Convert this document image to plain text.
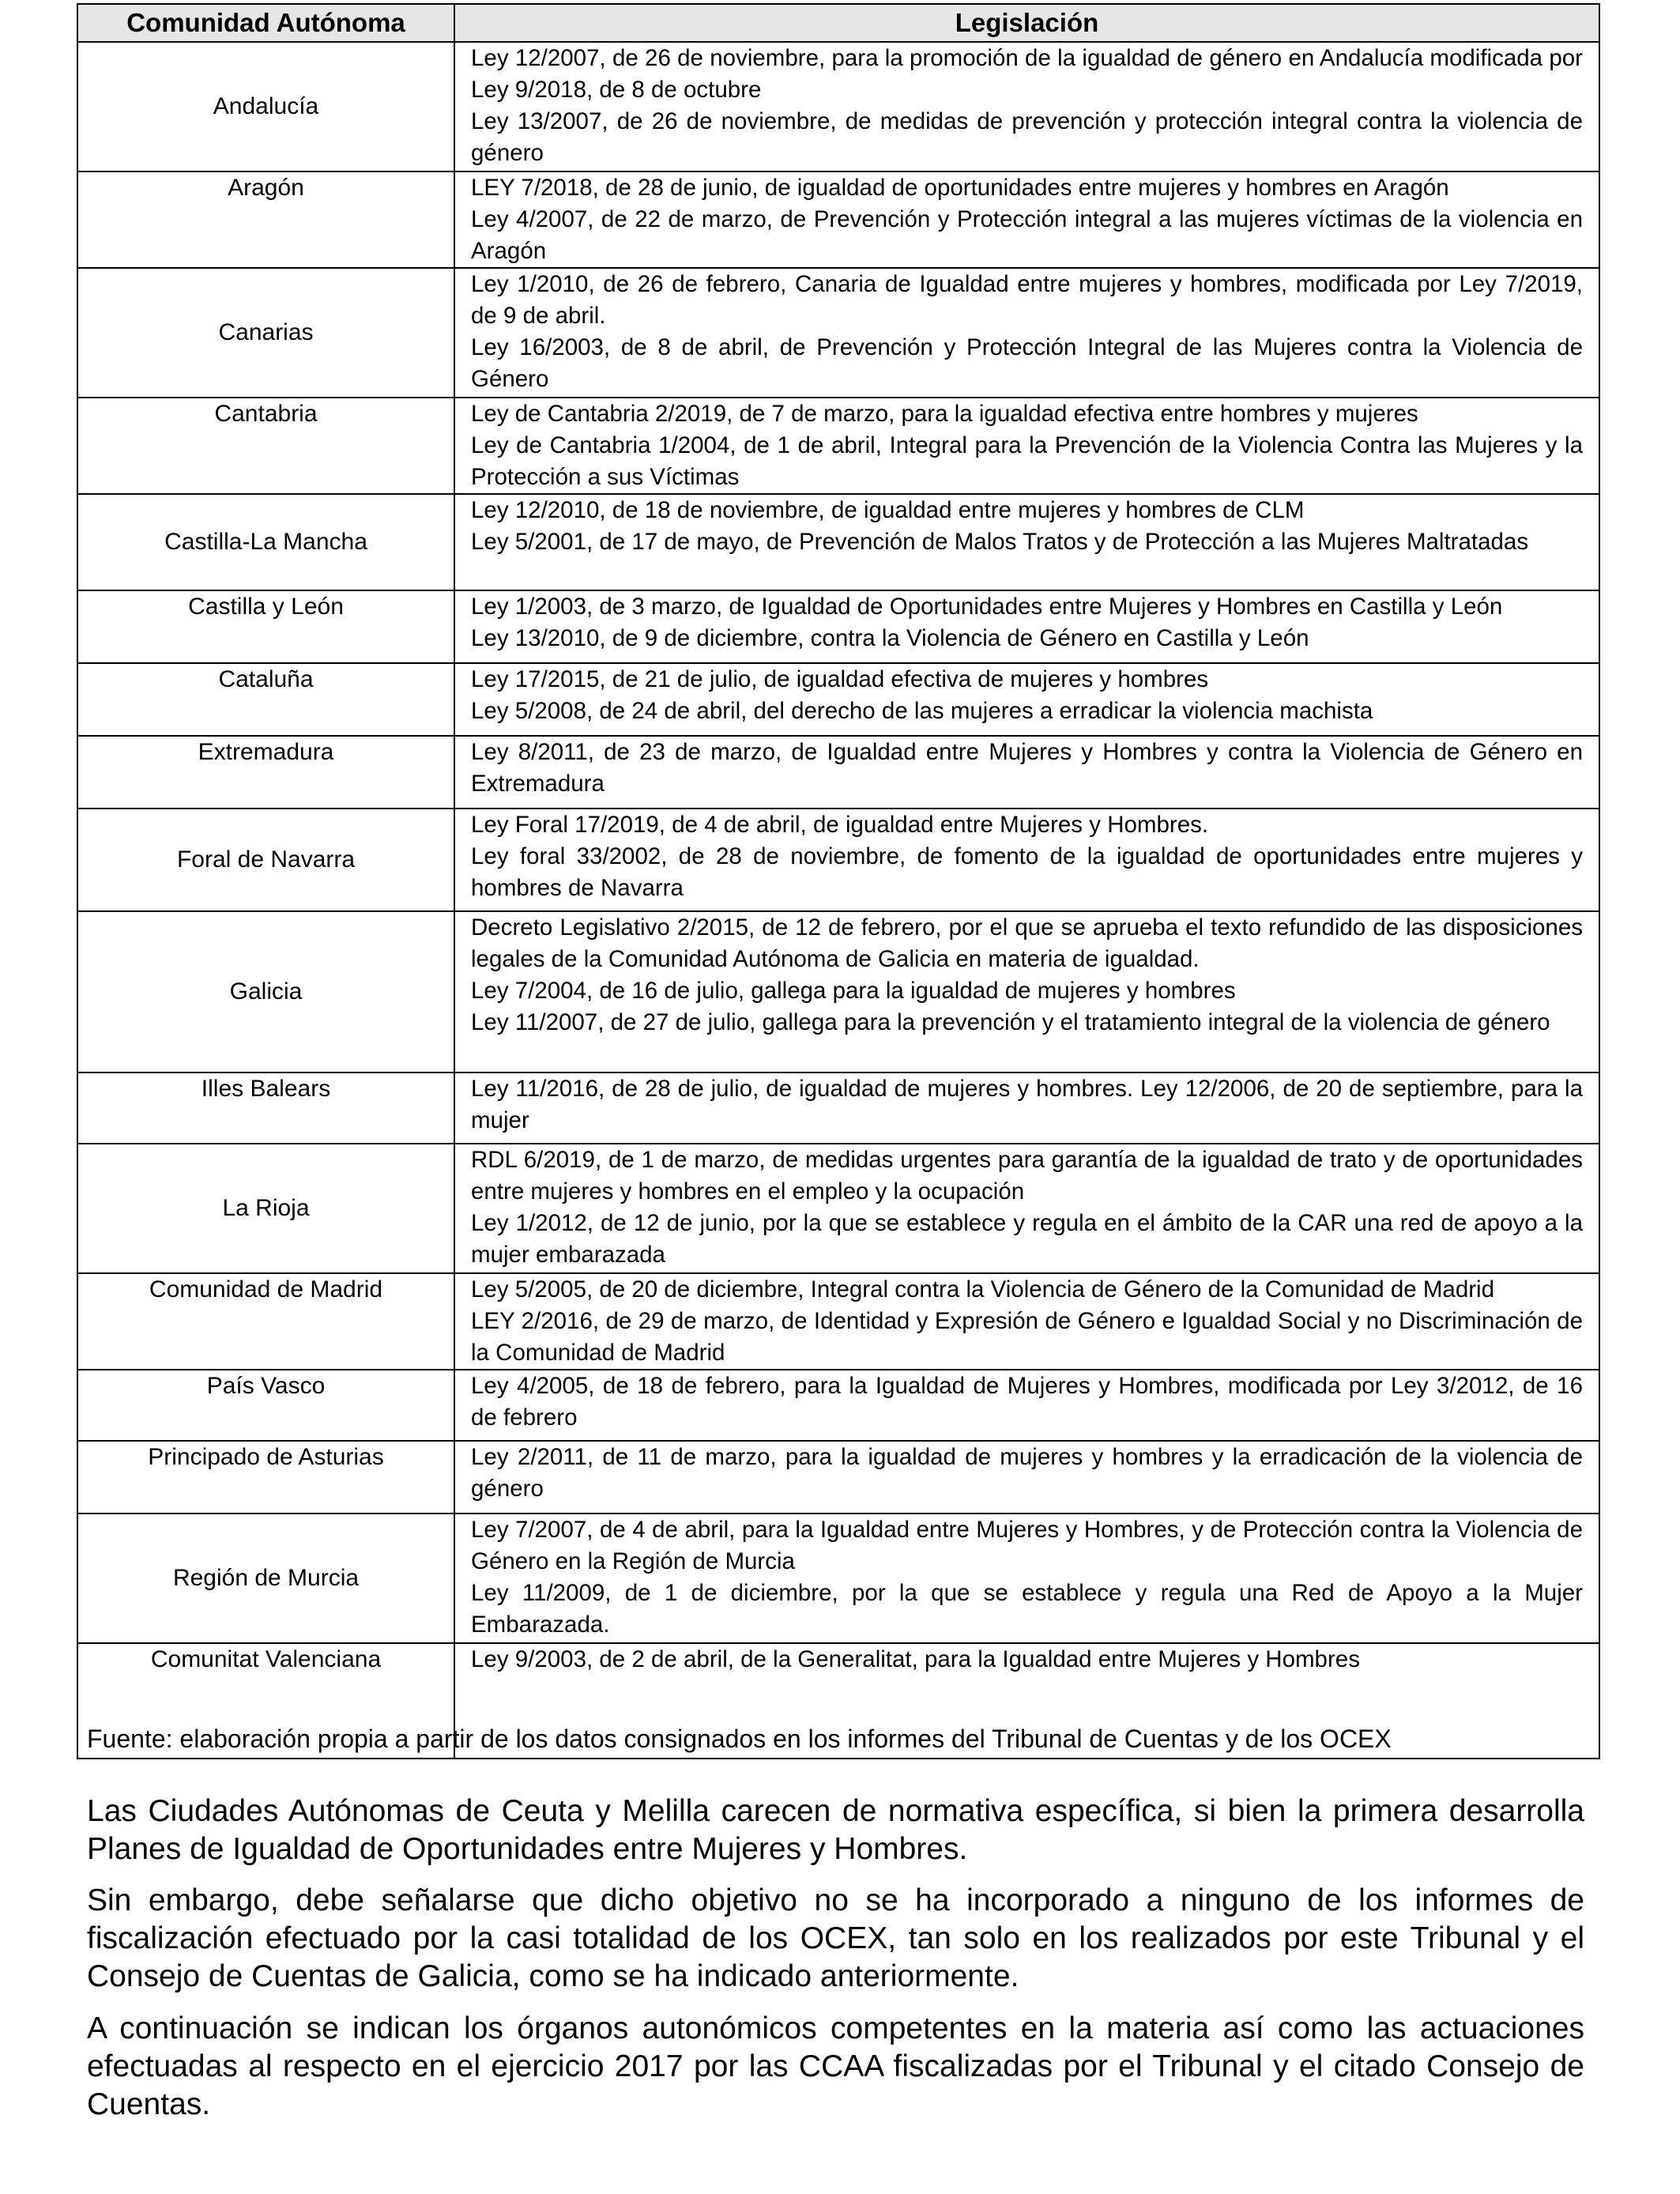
Comunidad Autónoma	Legislación
Andalucía	Ley 12/2007, de 26 de noviembre, para la promoción de la igualdad de género en Andalucía modificada por Ley 9/2018, de 8 de octubre
Ley 13/2007, de 26 de noviembre, de medidas de prevención y protección integral contra la violencia de género

Aragón	LEY 7/2018, de 28 de junio, de igualdad de oportunidades entre mujeres y hombres en Aragón
Ley 4/2007, de 22 de marzo, de Prevención y Protección integral a las mujeres víctimas de la violencia en Aragón

Canarias	Ley 1/2010, de 26 de febrero, Canaria de Igualdad entre mujeres y hombres, modificada por Ley 7/2019, de 9 de abril.
Ley 16/2003, de 8 de abril, de Prevención y Protección Integral de las Mujeres contra la Violencia de Género

Cantabria	Ley de Cantabria 2/2019, de 7 de marzo, para la igualdad efectiva entre hombres y mujeres
Ley de Cantabria 1/2004, de 1 de abril, Integral para la Prevención de la Violencia Contra las Mujeres y la Protección a sus Víctimas

Castilla-La Mancha	Ley 12/2010, de 18 de noviembre, de igualdad entre mujeres y hombres de CLM
Ley 5/2001, de 17 de mayo, de Prevención de Malos Tratos y de Protección a las Mujeres Maltratadas

Castilla y León	Ley 1/2003, de 3 marzo, de Igualdad de Oportunidades entre Mujeres y Hombres en Castilla y León
Ley 13/2010, de 9 de diciembre, contra la Violencia de Género en Castilla y León

Cataluña	Ley 17/2015, de 21 de julio, de igualdad efectiva de mujeres y hombres
Ley 5/2008, de 24 de abril, del derecho de las mujeres a erradicar la violencia machista

Extremadura	Ley 8/2011, de 23 de marzo, de Igualdad entre Mujeres y Hombres y contra la Violencia de Género en Extremadura

Foral de Navarra	Ley Foral 17/2019, de 4 de abril, de igualdad entre Mujeres y Hombres.
Ley foral 33/2002, de 28 de noviembre, de fomento de la igualdad de oportunidades entre mujeres y hombres de Navarra

Galicia	Decreto Legislativo 2/2015, de 12 de febrero, por el que se aprueba el texto refundido de las disposiciones legales de la Comunidad Autónoma de Galicia en materia de igualdad.
Ley 7/2004, de 16 de julio, gallega para la igualdad de mujeres y hombres
Ley 11/2007, de 27 de julio, gallega para la prevención y el tratamiento integral de la violencia de género

Illes Balears	Ley 11/2016, de 28 de julio, de igualdad de mujeres y hombres. Ley 12/2006, de 20 de septiembre, para la mujer

La Rioja	RDL 6/2019, de 1 de marzo, de medidas urgentes para garantía de la igualdad de trato y de oportunidades entre mujeres y hombres en el empleo y la ocupación
Ley 1/2012, de 12 de junio, por la que se establece y regula en el ámbito de la CAR una red de apoyo a la mujer embarazada

Comunidad de Madrid	Ley 5/2005, de 20 de diciembre, Integral contra la Violencia de Género de la Comunidad de Madrid
LEY 2/2016, de 29 de marzo, de Identidad y Expresión de Género e Igualdad Social y no Discriminación de la Comunidad de Madrid

País Vasco	Ley 4/2005, de 18 de febrero, para la Igualdad de Mujeres y Hombres, modificada por Ley 3/2012, de 16 de febrero

Principado de Asturias	Ley 2/2011, de 11 de marzo, para la igualdad de mujeres y hombres y la erradicación de la violencia de género

Región de Murcia	Ley 7/2007, de 4 de abril, para la Igualdad entre Mujeres y Hombres, y de Protección contra la Violencia de Género en la Región de Murcia
Ley 11/2009, de 1 de diciembre, por la que se establece y regula una Red de Apoyo a la Mujer Embarazada.

Comunitat Valenciana	Ley 9/2003, de 2 de abril, de la Generalitat, para la Igualdad entre Mujeres y Hombres
Fuente: elaboración propia a partir de los datos consignados en los informes del Tribunal de Cuentas y de los OCEX

Las Ciudades Autónomas de Ceuta y Melilla carecen de normativa específica, si bien la primera desarrolla Planes de Igualdad de Oportunidades entre Mujeres y Hombres.

Sin embargo, debe señalarse que dicho objetivo no se ha incorporado a ninguno de los informes de fiscalización efectuado por la casi totalidad de los OCEX, tan solo en los realizados por este Tribunal y el Consejo de Cuentas de Galicia, como se ha indicado anteriormente.

A continuación se indican los órganos autonómicos competentes en la materia así como las actuaciones efectuadas al respecto en el ejercicio 2017 por las CCAA fiscalizadas por el Tribunal y el citado Consejo de Cuentas.
